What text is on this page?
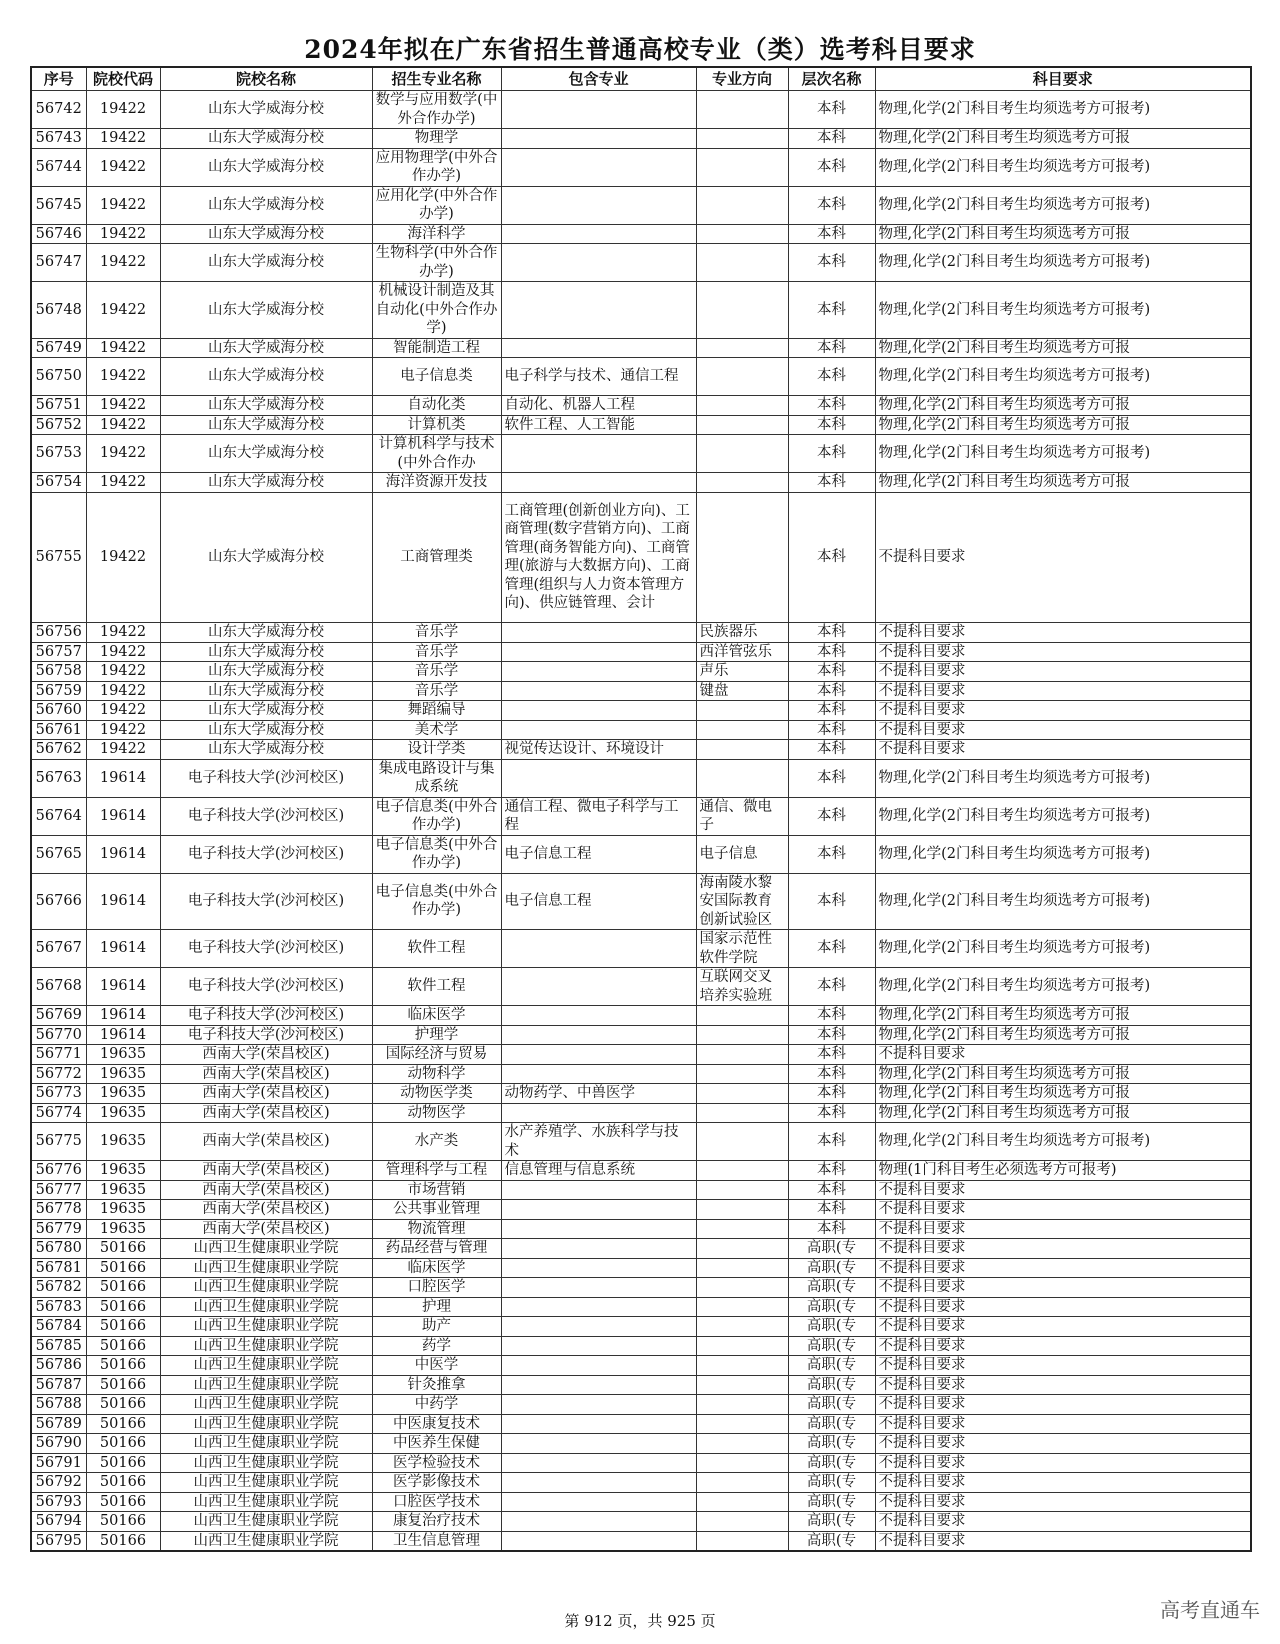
2024年拟在广东省招生普通高校专业（类）选考科目要求
序号	院校代码	院校名称	招生专业名称	包含专业	专业方向	层次名称	科目要求
56742	19422	山东大学威海分校	数学与应用数学(中外合作办学)			本科	物理,化学(2门科目考生均须选考方可报考)
56743	19422	山东大学威海分校	物理学			本科	物理,化学(2门科目考生均须选考方可报
56744	19422	山东大学威海分校	应用物理学(中外合作办学)			本科	物理,化学(2门科目考生均须选考方可报考)
56745	19422	山东大学威海分校	应用化学(中外合作办学)			本科	物理,化学(2门科目考生均须选考方可报考)
56746	19422	山东大学威海分校	海洋科学			本科	物理,化学(2门科目考生均须选考方可报
56747	19422	山东大学威海分校	生物科学(中外合作办学)			本科	物理,化学(2门科目考生均须选考方可报考)
56748	19422	山东大学威海分校	机械设计制造及其自动化(中外合作办学)			本科	物理,化学(2门科目考生均须选考方可报考)
56749	19422	山东大学威海分校	智能制造工程			本科	物理,化学(2门科目考生均须选考方可报
56750	19422	山东大学威海分校	电子信息类	电子科学与技术、通信工程		本科	物理,化学(2门科目考生均须选考方可报考)
56751	19422	山东大学威海分校	自动化类	自动化、机器人工程		本科	物理,化学(2门科目考生均须选考方可报
56752	19422	山东大学威海分校	计算机类	软件工程、人工智能		本科	物理,化学(2门科目考生均须选考方可报
56753	19422	山东大学威海分校	计算机科学与技术(中外合作办			本科	物理,化学(2门科目考生均须选考方可报考)
56754	19422	山东大学威海分校	海洋资源开发技			本科	物理,化学(2门科目考生均须选考方可报
56755	19422	山东大学威海分校	工商管理类	工商管理(创新创业方向)、工商管理(数字营销方向)、工商管理(商务智能方向)、工商管理(旅游与大数据方向)、工商管理(组织与人力资本管理方向)、供应链管理、会计		本科	不提科目要求
56756	19422	山东大学威海分校	音乐学		民族器乐	本科	不提科目要求
56757	19422	山东大学威海分校	音乐学		西洋管弦乐	本科	不提科目要求
56758	19422	山东大学威海分校	音乐学		声乐	本科	不提科目要求
56759	19422	山东大学威海分校	音乐学		键盘	本科	不提科目要求
56760	19422	山东大学威海分校	舞蹈编导			本科	不提科目要求
56761	19422	山东大学威海分校	美术学			本科	不提科目要求
56762	19422	山东大学威海分校	设计学类	视觉传达设计、环境设计		本科	不提科目要求
56763	19614	电子科技大学(沙河校区)	集成电路设计与集成系统			本科	物理,化学(2门科目考生均须选考方可报考)
56764	19614	电子科技大学(沙河校区)	电子信息类(中外合作办学)	通信工程、微电子科学与工程	通信、微电子	本科	物理,化学(2门科目考生均须选考方可报考)
56765	19614	电子科技大学(沙河校区)	电子信息类(中外合作办学)	电子信息工程	电子信息	本科	物理,化学(2门科目考生均须选考方可报考)
56766	19614	电子科技大学(沙河校区)	电子信息类(中外合作办学)	电子信息工程	海南陵水黎安国际教育创新试验区	本科	物理,化学(2门科目考生均须选考方可报考)
56767	19614	电子科技大学(沙河校区)	软件工程		国家示范性软件学院	本科	物理,化学(2门科目考生均须选考方可报考)
56768	19614	电子科技大学(沙河校区)	软件工程		互联网交叉培养实验班	本科	物理,化学(2门科目考生均须选考方可报考)
56769	19614	电子科技大学(沙河校区)	临床医学			本科	物理,化学(2门科目考生均须选考方可报
56770	19614	电子科技大学(沙河校区)	护理学			本科	物理,化学(2门科目考生均须选考方可报
56771	19635	西南大学(荣昌校区)	国际经济与贸易			本科	不提科目要求
56772	19635	西南大学(荣昌校区)	动物科学			本科	物理,化学(2门科目考生均须选考方可报
56773	19635	西南大学(荣昌校区)	动物医学类	动物药学、中兽医学		本科	物理,化学(2门科目考生均须选考方可报
56774	19635	西南大学(荣昌校区)	动物医学			本科	物理,化学(2门科目考生均须选考方可报
56775	19635	西南大学(荣昌校区)	水产类	水产养殖学、水族科学与技术		本科	物理,化学(2门科目考生均须选考方可报考)
56776	19635	西南大学(荣昌校区)	管理科学与工程	信息管理与信息系统		本科	物理(1门科目考生必须选考方可报考)
56777	19635	西南大学(荣昌校区)	市场营销			本科	不提科目要求
56778	19635	西南大学(荣昌校区)	公共事业管理			本科	不提科目要求
56779	19635	西南大学(荣昌校区)	物流管理			本科	不提科目要求
56780	50166	山西卫生健康职业学院	药品经营与管理			高职(专	不提科目要求
56781	50166	山西卫生健康职业学院	临床医学			高职(专	不提科目要求
56782	50166	山西卫生健康职业学院	口腔医学			高职(专	不提科目要求
56783	50166	山西卫生健康职业学院	护理			高职(专	不提科目要求
56784	50166	山西卫生健康职业学院	助产			高职(专	不提科目要求
56785	50166	山西卫生健康职业学院	药学			高职(专	不提科目要求
56786	50166	山西卫生健康职业学院	中医学			高职(专	不提科目要求
56787	50166	山西卫生健康职业学院	针灸推拿			高职(专	不提科目要求
56788	50166	山西卫生健康职业学院	中药学			高职(专	不提科目要求
56789	50166	山西卫生健康职业学院	中医康复技术			高职(专	不提科目要求
56790	50166	山西卫生健康职业学院	中医养生保健			高职(专	不提科目要求
56791	50166	山西卫生健康职业学院	医学检验技术			高职(专	不提科目要求
56792	50166	山西卫生健康职业学院	医学影像技术			高职(专	不提科目要求
56793	50166	山西卫生健康职业学院	口腔医学技术			高职(专	不提科目要求
56794	50166	山西卫生健康职业学院	康复治疗技术			高职(专	不提科目要求
56795	50166	山西卫生健康职业学院	卫生信息管理			高职(专	不提科目要求
第 912 页，共 925 页	高考直通车
